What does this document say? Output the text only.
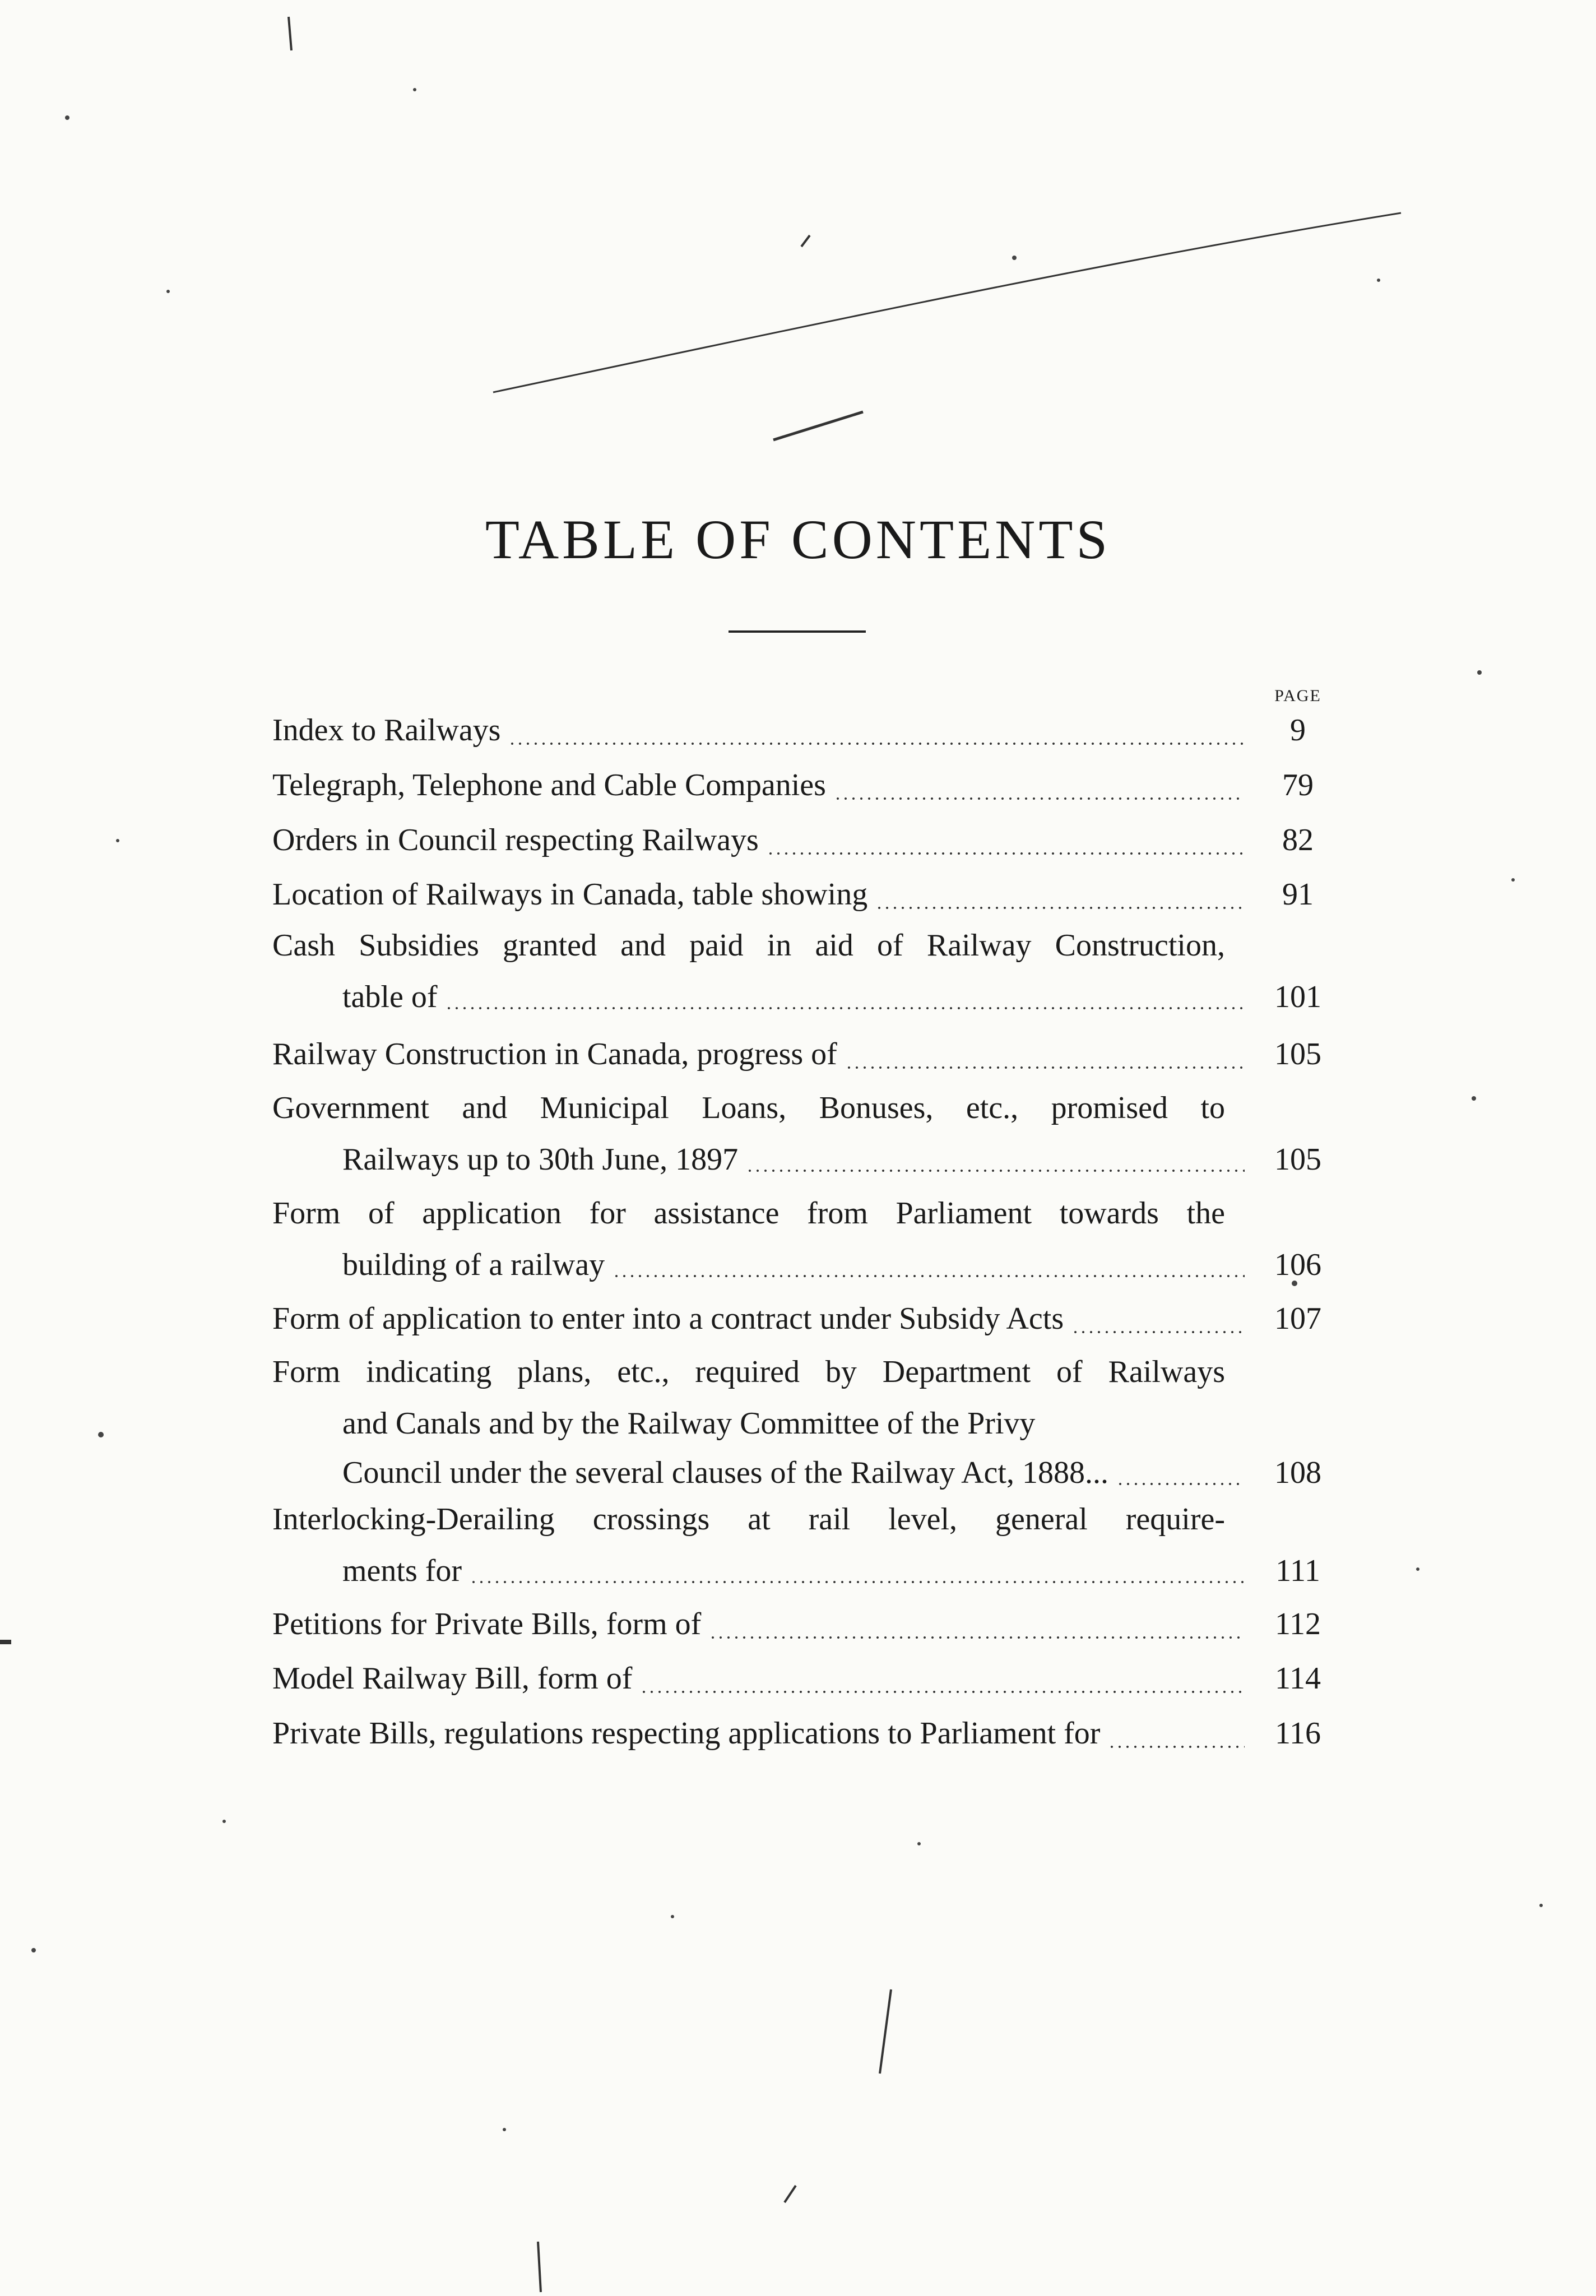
TABLE OF CONTENTS
PAGE
Index to Railways	9
Telegraph, Telephone and Cable Companies	79
Orders in Council respecting Railways	82
Location of Railways in Canada, table showing	91
Cash Subsidies granted and paid in aid of Railway Construction,
table of	101
Railway Construction in Canada, progress of	105
Government and Municipal Loans, Bonuses, etc., promised to
Railways up to 30th June, 1897	105
Form of application for assistance from Parliament towards the
building of a railway	106
Form of application to enter into a contract under Subsidy Acts	107
Form indicating plans, etc., required by Department of Railways
and Canals and by the Railway Committee of the Privy
Council under the several clauses of the Railway Act, 1888...	108
Interlocking-Derailing crossings at rail level, general require-
ments for	111
Petitions for Private Bills, form of	112
Model Railway Bill, form of	114
Private Bills, regulations respecting applications to Parliament for	116
